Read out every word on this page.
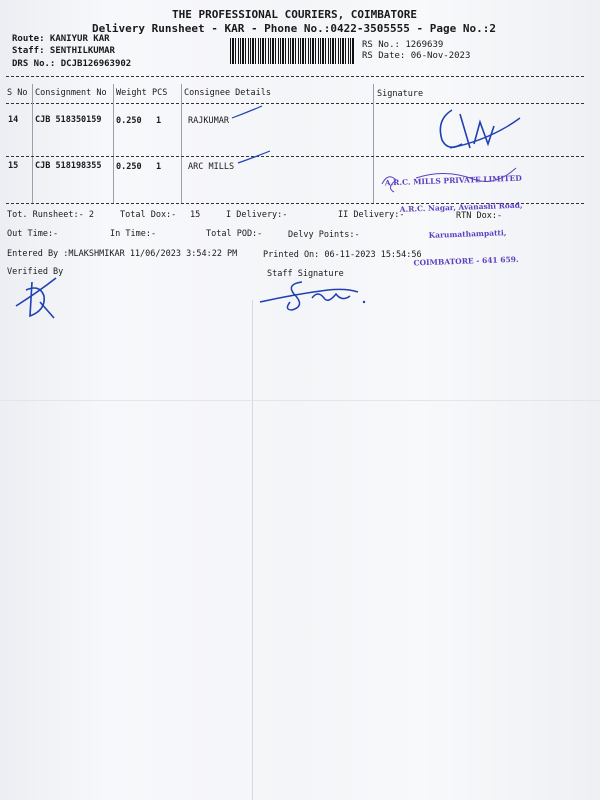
THE PROFESSIONAL COURIERS, COIMBATORE
Delivery Runsheet - KAR - Phone No.:0422-3505555 - Page No.:2
Route: KANIYUR KAR
Staff: SENTHILKUMAR
DRS No.: DCJB126963902
RS No.: 1269639
RS Date: 06-Nov-2023
S No Consignment No Weight PCS Consignee Details	Signature
14 CJB 518350159 0.250 1	RAJKUMAR
15 CJB 518198355 0.250 1	ARC MILLS

A.R.C. MILLS PRIVATE LIMITED

A.R.C. Nagar, Avanashi Road,

Karumathampatti,

COIMBATORE - 641 659.

Tot. Runsheet:- 2	Total Dox:- 15	I Delivery:-	II Delivery:-	RTN Dox:-
Out Time:-	In Time:-	Total POD:-	Delvy Points:-
Entered By :MLAKSHMIKAR 11/06/2023 3:54:22 PM	Printed On: 06-11-2023 15:54:56
Verified By	Staff Signature
